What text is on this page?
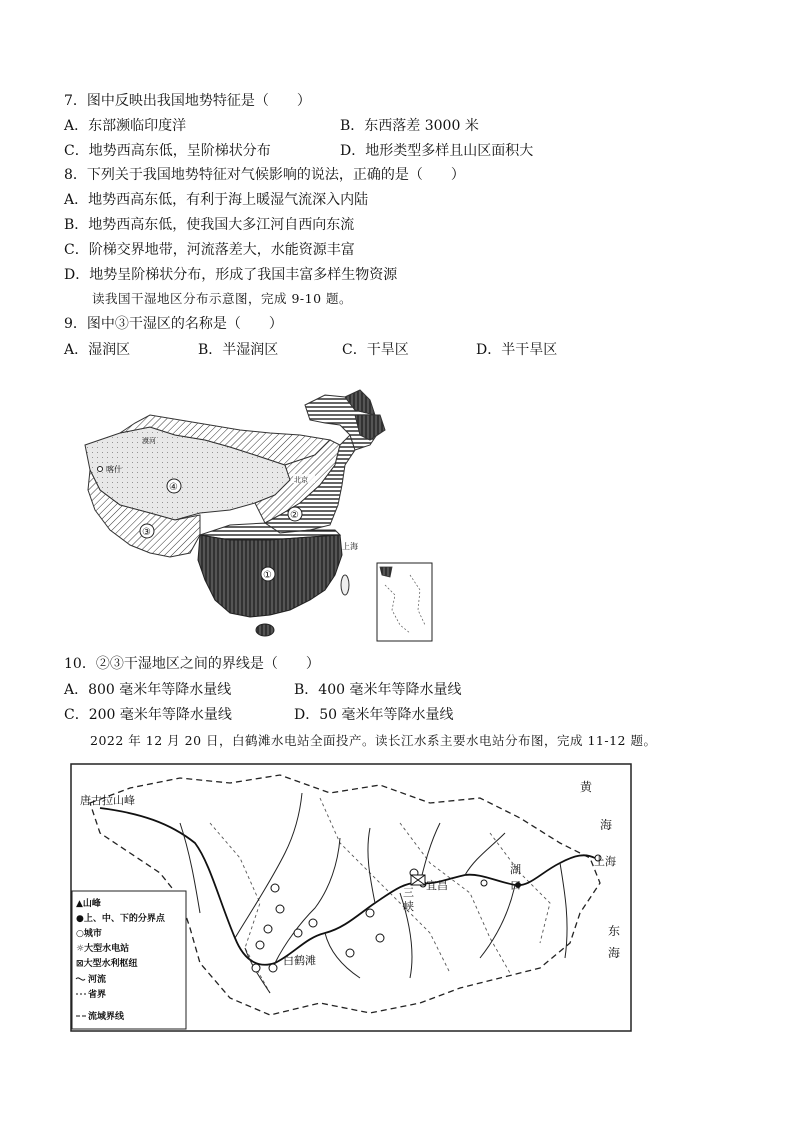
7．图中反映出我国地势特征是（　　）
A．东部濒临印度洋	B．东西落差 3000 米
C．地势西高东低，呈阶梯状分布	D．地形类型多样且山区面积大
8．下列关于我国地势特征对气候影响的说法，正确的是（　　）
A．地势西高东低，有利于海上暖湿气流深入内陆
B．地势西高东低，使我国大多江河自西向东流
C．阶梯交界地带，河流落差大，水能资源丰富
D．地势呈阶梯状分布，形成了我国丰富多样生物资源
读我国干湿地区分布示意图，完成 9-10 题。
9．图中③干湿区的名称是（　　）
A．湿润区	B．半湿润区	C．干旱区	D．半干旱区
喀什
漠河
北京
上海
④
③
②
①
10．②③干湿地区之间的界线是（　　）
A．800 毫米年等降水量线	B．400 毫米年等降水量线
C．200 毫米年等降水量线	D．50 毫米年等降水量线
2022 年 12 月 20 日，白鹤滩水电站全面投产。读长江水系主要水电站分布图，完成 11-12 题。
唐古拉山峰
黄
海
东
海
上海
宜昌
三
峡
湖
口
白鹤滩
▲山峰
●上、中、下的分界点
○城市
☼大型水电站
⊠大型水利枢纽
河流
省界
流域界线
